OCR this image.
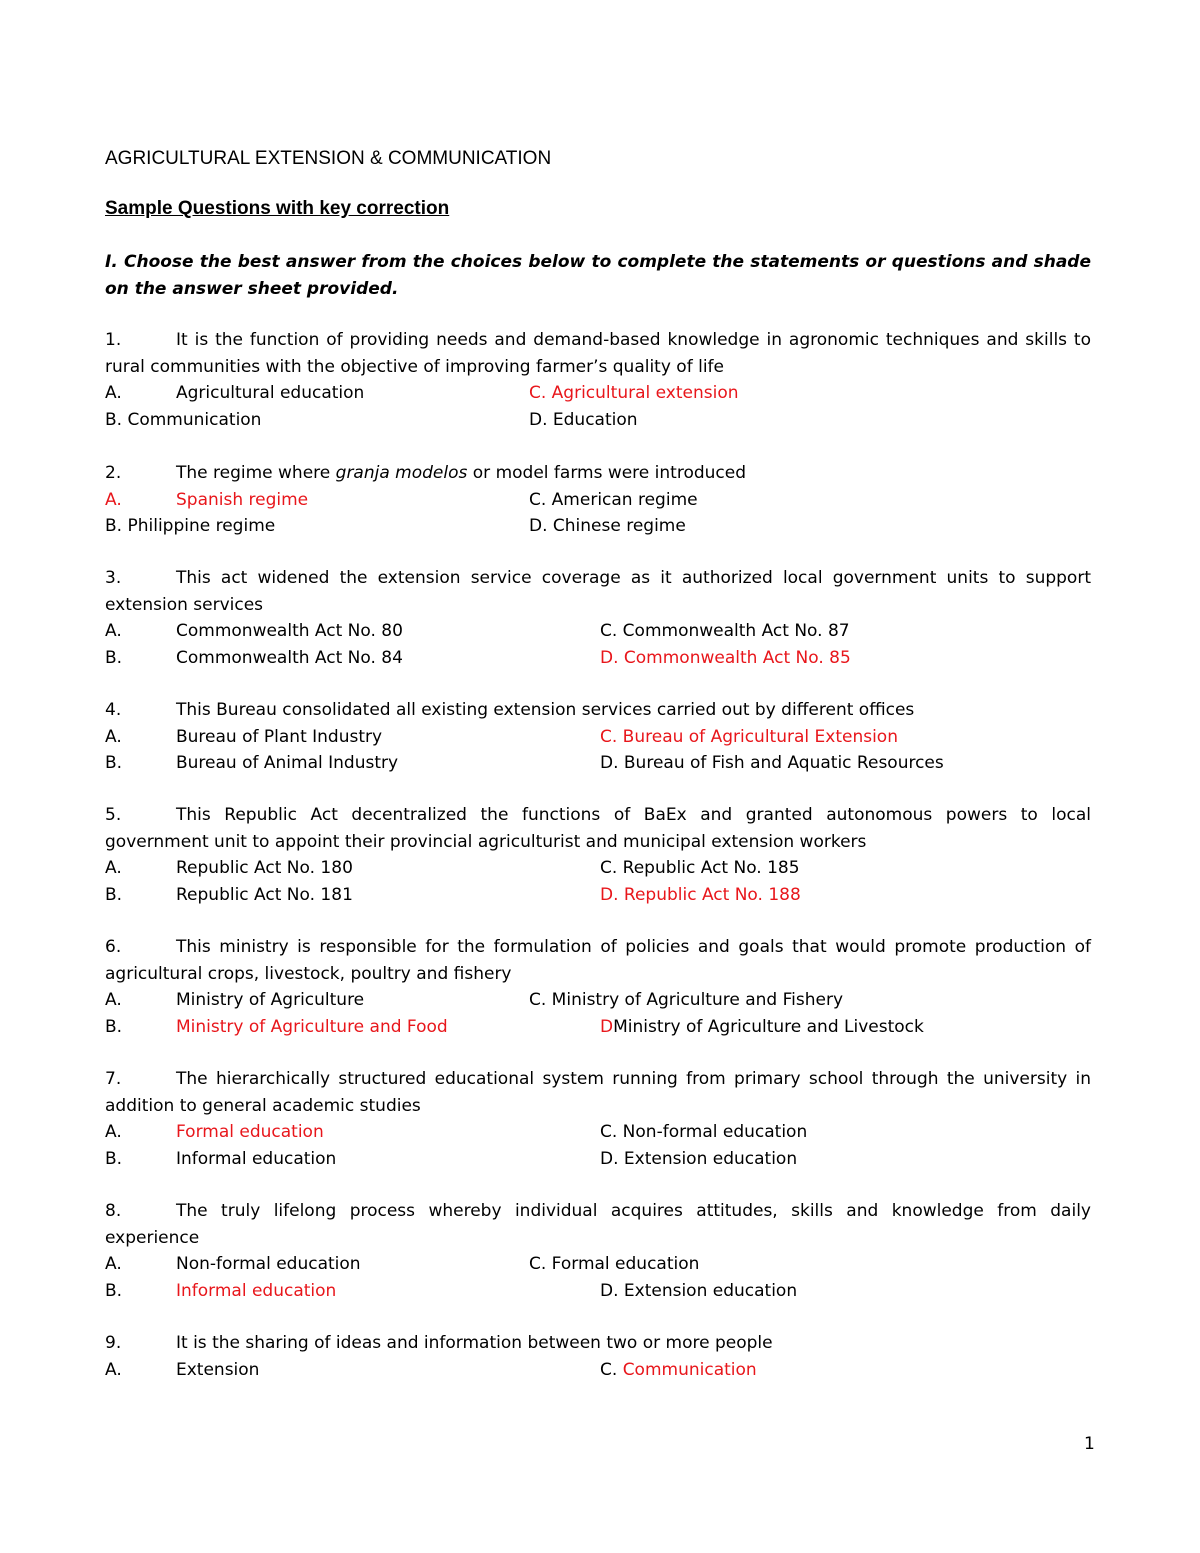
AGRICULTURAL EXTENSION & COMMUNICATION
Sample Questions with key correction
I. Choose the best answer from the choices below to complete the statements or questions and shade on the answer sheet provided.
1.	It is the function of providing needs and demand-based knowledge in agronomic techniques and skills to rural communities with the objective of improving farmer’s quality of life
A.	Agricultural education	C. Agricultural extension
B. Communication	D. Education
2.	The regime where granja modelos or model farms were introduced
A.	Spanish regime	C. American regime
B. Philippine regime	D. Chinese regime
3.	This act widened the extension service coverage as it authorized local government units to support extension services
A.	Commonwealth Act No. 80	C. Commonwealth Act No. 87
B.	Commonwealth Act No. 84	D. Commonwealth Act No. 85
4.	This Bureau consolidated all existing extension services carried out by different offices
A.	Bureau of Plant Industry	C. Bureau of Agricultural Extension
B.	Bureau of Animal Industry	D. Bureau of Fish and Aquatic Resources
5.	This Republic Act decentralized the functions of BaEx and granted autonomous powers to local government unit to appoint their provincial agriculturist and municipal extension workers
A.	Republic Act No. 180	C. Republic Act No. 185
B.	Republic Act No. 181	D. Republic Act No. 188
6.	This ministry is responsible for the formulation of policies and goals that would promote production of agricultural crops, livestock, poultry and fishery
A.	Ministry of Agriculture	C. Ministry of Agriculture and Fishery
B.	Ministry of Agriculture and Food	DMinistry of Agriculture and Livestock
7.	The hierarchically structured educational system running from primary school through the university in addition to general academic studies
A.	Formal education	C. Non-formal education
B.	Informal education	D. Extension education
8.	The truly lifelong process whereby individual acquires attitudes, skills and knowledge from daily experience
A.	Non-formal education	C. Formal education
B.	Informal education	D. Extension education
9.	It is the sharing of ideas and information between two or more people
A.	Extension	C. Communication
1
